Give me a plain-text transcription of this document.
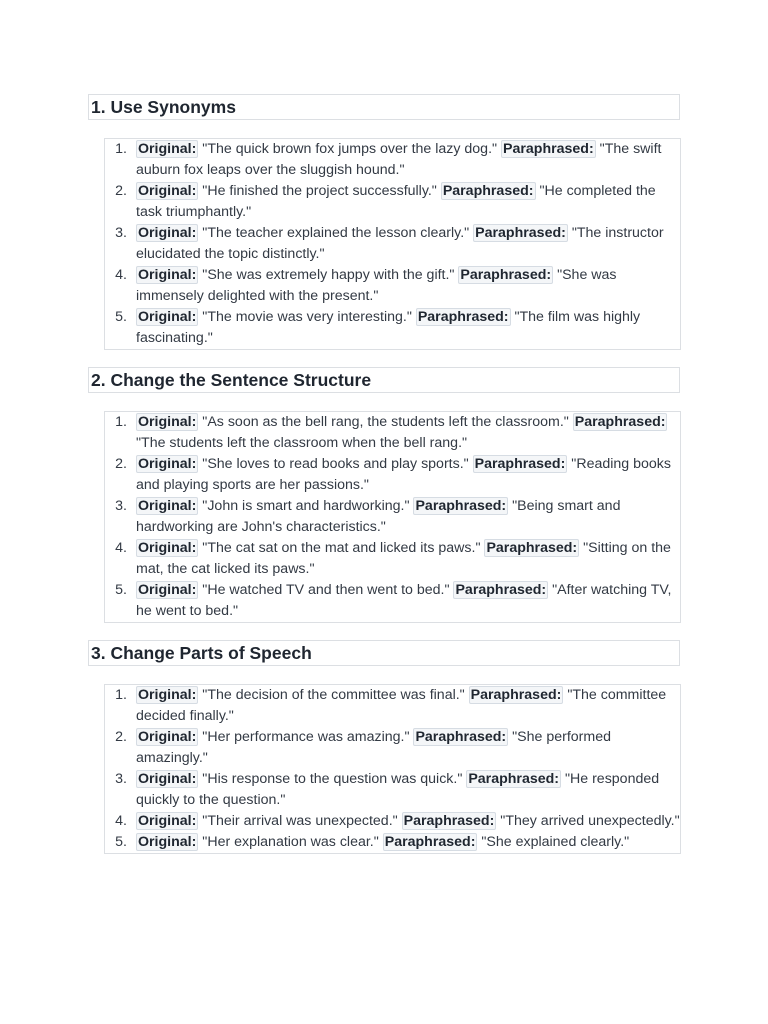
1. Use Synonyms
1. Original: "The quick brown fox jumps over the lazy dog." Paraphrased: "The swift auburn fox leaps over the sluggish hound."
2. Original: "He finished the project successfully." Paraphrased: "He completed the task triumphantly."
3. Original: "The teacher explained the lesson clearly." Paraphrased: "The instructor elucidated the topic distinctly."
4. Original: "She was extremely happy with the gift." Paraphrased: "She was immensely delighted with the present."
5. Original: "The movie was very interesting." Paraphrased: "The film was highly fascinating."
2. Change the Sentence Structure
1. Original: "As soon as the bell rang, the students left the classroom." Paraphrased: "The students left the classroom when the bell rang."
2. Original: "She loves to read books and play sports." Paraphrased: "Reading books and playing sports are her passions."
3. Original: "John is smart and hardworking." Paraphrased: "Being smart and hardworking are John's characteristics."
4. Original: "The cat sat on the mat and licked its paws." Paraphrased: "Sitting on the mat, the cat licked its paws."
5. Original: "He watched TV and then went to bed." Paraphrased: "After watching TV, he went to bed."
3. Change Parts of Speech
1. Original: "The decision of the committee was final." Paraphrased: "The committee decided finally."
2. Original: "Her performance was amazing." Paraphrased: "She performed amazingly."
3. Original: "His response to the question was quick." Paraphrased: "He responded quickly to the question."
4. Original: "Their arrival was unexpected." Paraphrased: "They arrived unexpectedly."
5. Original: "Her explanation was clear." Paraphrased: "She explained clearly."
